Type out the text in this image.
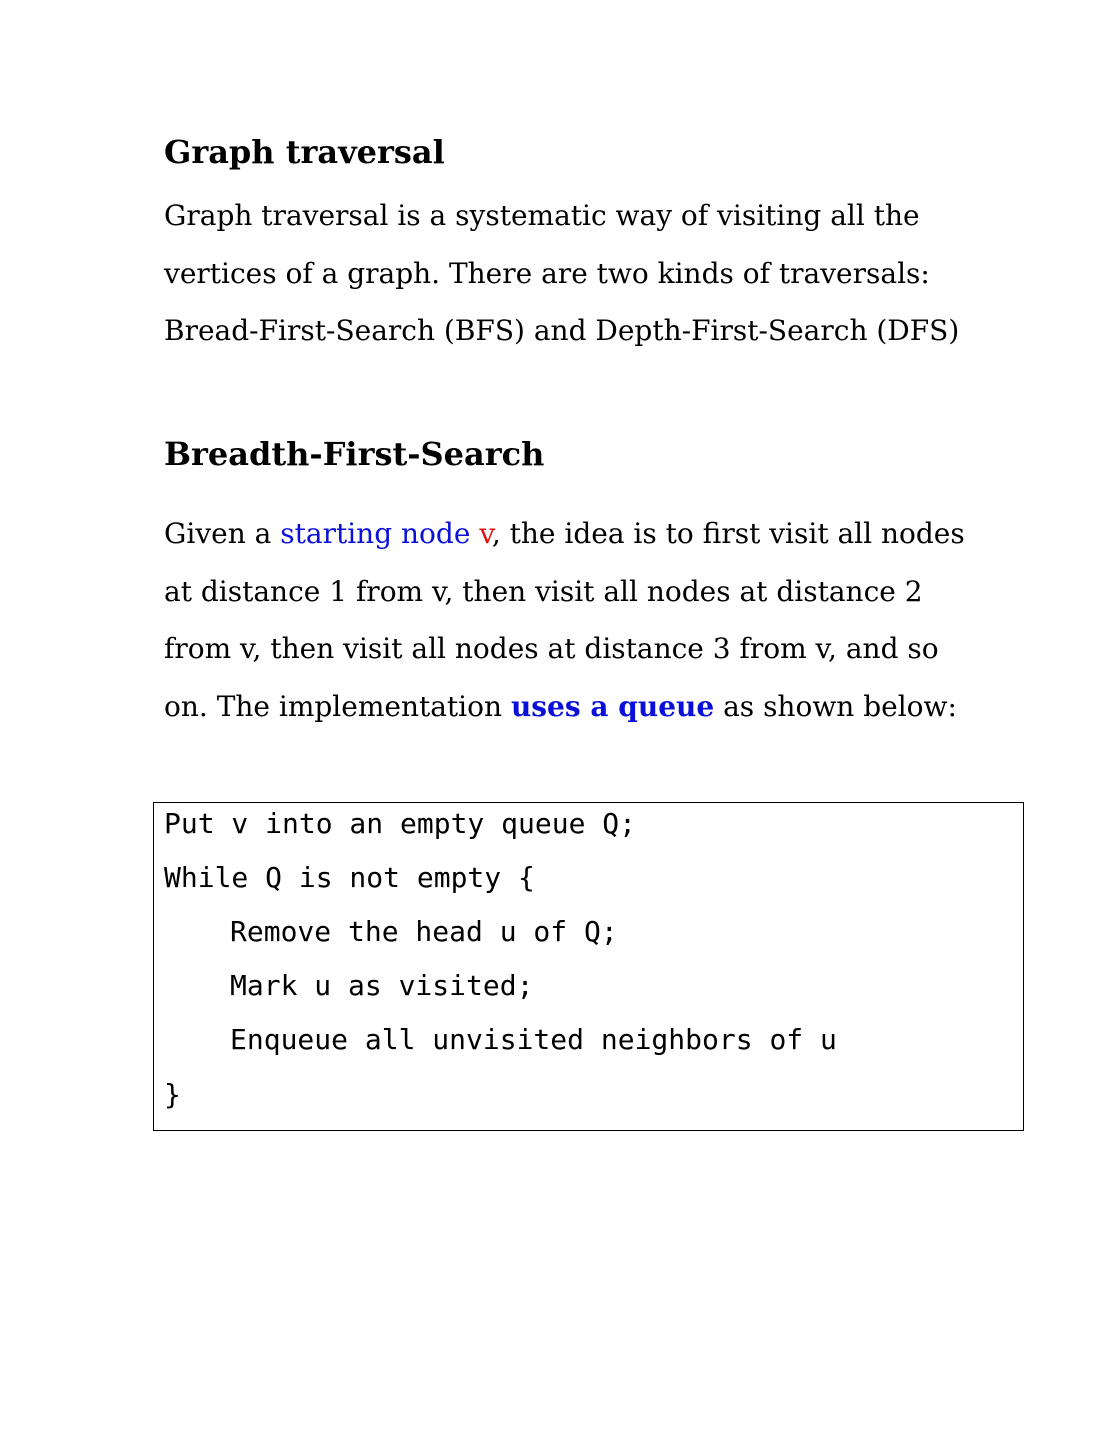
Graph traversal

Graph traversal is a systematic way of visiting all the
vertices of a graph. There are two kinds of traversals:
Bread-First-Search (BFS) and Depth-First-Search (DFS)

Breadth-First-Search

Given a starting node v, the idea is to first visit all nodes
at distance 1 from v, then visit all nodes at distance 2
from v, then visit all nodes at distance 3 from v, and so
on. The implementation uses a queue as shown below:

Put v into an empty queue Q;
While Q is not empty {
Remove the head u of Q;
Mark u as visited;
Enqueue all unvisited neighbors of u
}
